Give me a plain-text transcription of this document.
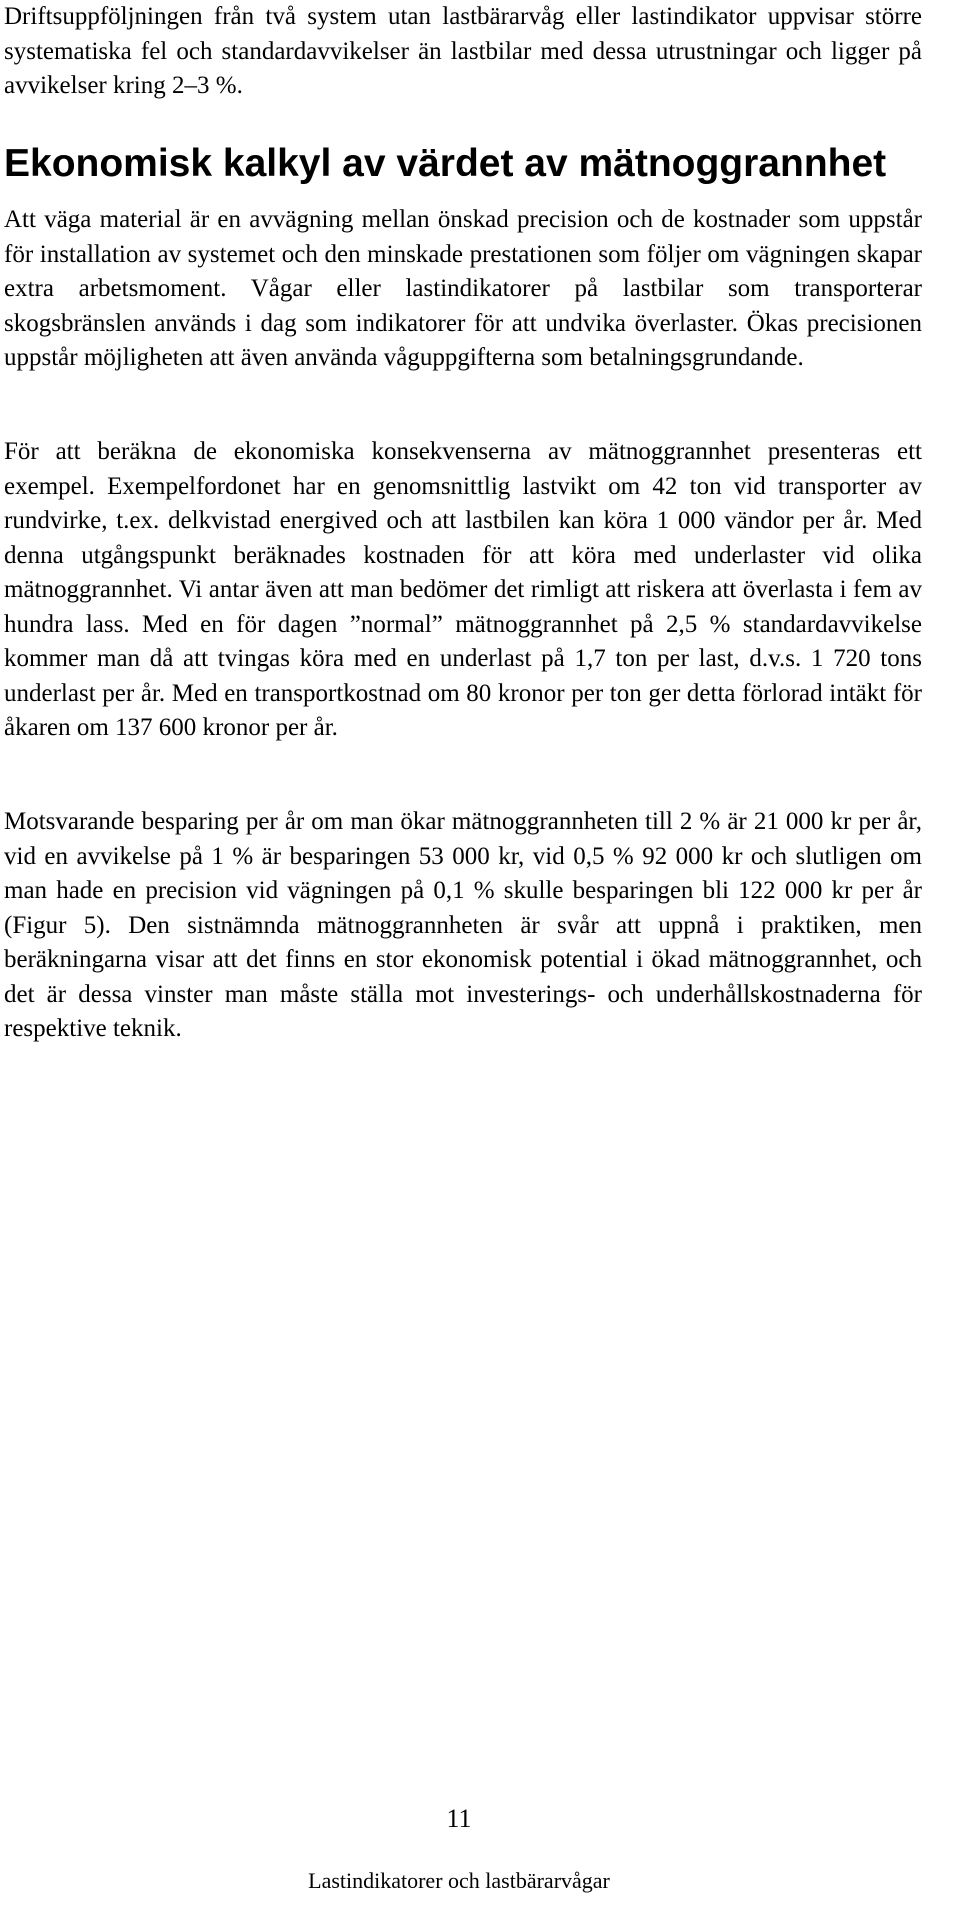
Driftsuppföljningen från två system utan lastbärarvåg eller lastindikator uppvisar större systematiska fel och standardavvikelser än lastbilar med dessa utrustningar och ligger på avvikelser kring 2–3 %.

Ekonomisk kalkyl av värdet av mätnoggrannhet

Att väga material är en avvägning mellan önskad precision och de kostnader som uppstår för installation av systemet och den minskade prestationen som följer om vägningen skapar extra arbetsmoment. Vågar eller lastindikatorer på lastbilar som transporterar skogsbränslen används i dag som indikatorer för att undvika överlaster. Ökas precisionen uppstår möjligheten att även använda våguppgifterna som betalningsgrundande.

För att beräkna de ekonomiska konsekvenserna av mätnoggrannhet presenteras ett exempel. Exempelfordonet har en genomsnittlig lastvikt om 42 ton vid transporter av rundvirke, t.ex. delkvistad energived och att lastbilen kan köra 1 000 vändor per år. Med denna utgångspunkt beräknades kostnaden för att köra med underlaster vid olika mätnoggrannhet. Vi antar även att man bedömer det rimligt att riskera att överlasta i fem av hundra lass. Med en för dagen ”normal” mätnoggrannhet på 2,5 % standardavvikelse kommer man då att tvingas köra med en underlast på 1,7 ton per last, d.v.s. 1 720 tons underlast per år. Med en transportkostnad om 80 kronor per ton ger detta förlorad intäkt för åkaren om 137 600 kronor per år.

Motsvarande besparing per år om man ökar mätnoggrannheten till 2 % är 21 000 kr per år, vid en avvikelse på 1 % är besparingen 53 000 kr, vid 0,5 % 92 000 kr och slutligen om man hade en precision vid vägningen på 0,1 % skulle besparingen bli 122 000 kr per år (Figur 5). Den sistnämnda mätnoggrannheten är svår att uppnå i praktiken, men beräkningarna visar att det finns en stor ekonomisk potential i ökad mätnoggrannhet, och det är dessa vinster man måste ställa mot investerings- och underhållskostnaderna för respektive teknik.

11

Lastindikatorer och lastbärarvågar
